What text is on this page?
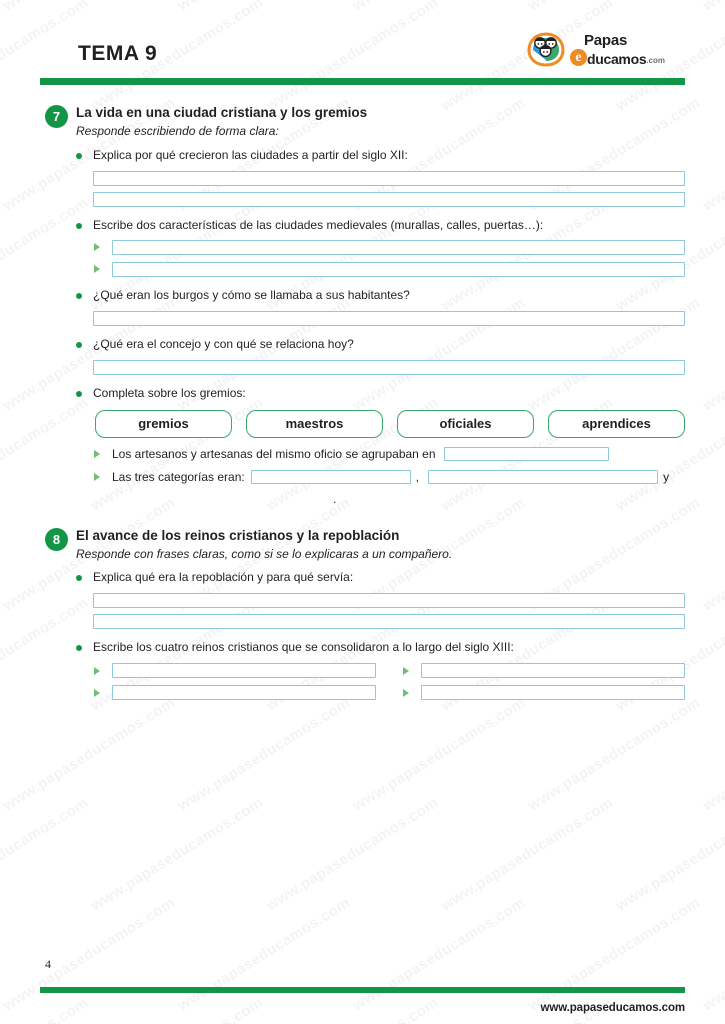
TEMA 9
Papas
e ducamos .com
7	La vida en una ciudad cristiana y los gremios
Responde escribiendo de forma clara:
Explica por qué crecieron las ciudades a partir del siglo XII:
Escribe dos características de las ciudades medievales (murallas, calles, puertas…):
¿Qué eran los burgos y cómo se llamaba a sus habitantes?
¿Qué era el concejo y con qué se relaciona hoy?
Completa sobre los gremios:
gremios	maestros	oficiales	aprendices
Los artesanos y artesanas del mismo oficio se agrupaban en
Las tres categorías eran:	,	y
.
8	El avance de los reinos cristianos y la repoblación
Responde con frases claras, como si se lo explicaras a un compañero.
Explica qué era la repoblación y para qué servía:
Escribe los cuatro reinos cristianos que se consolidaron a lo largo del siglo XIII:
4
www.papaseducamos.com
